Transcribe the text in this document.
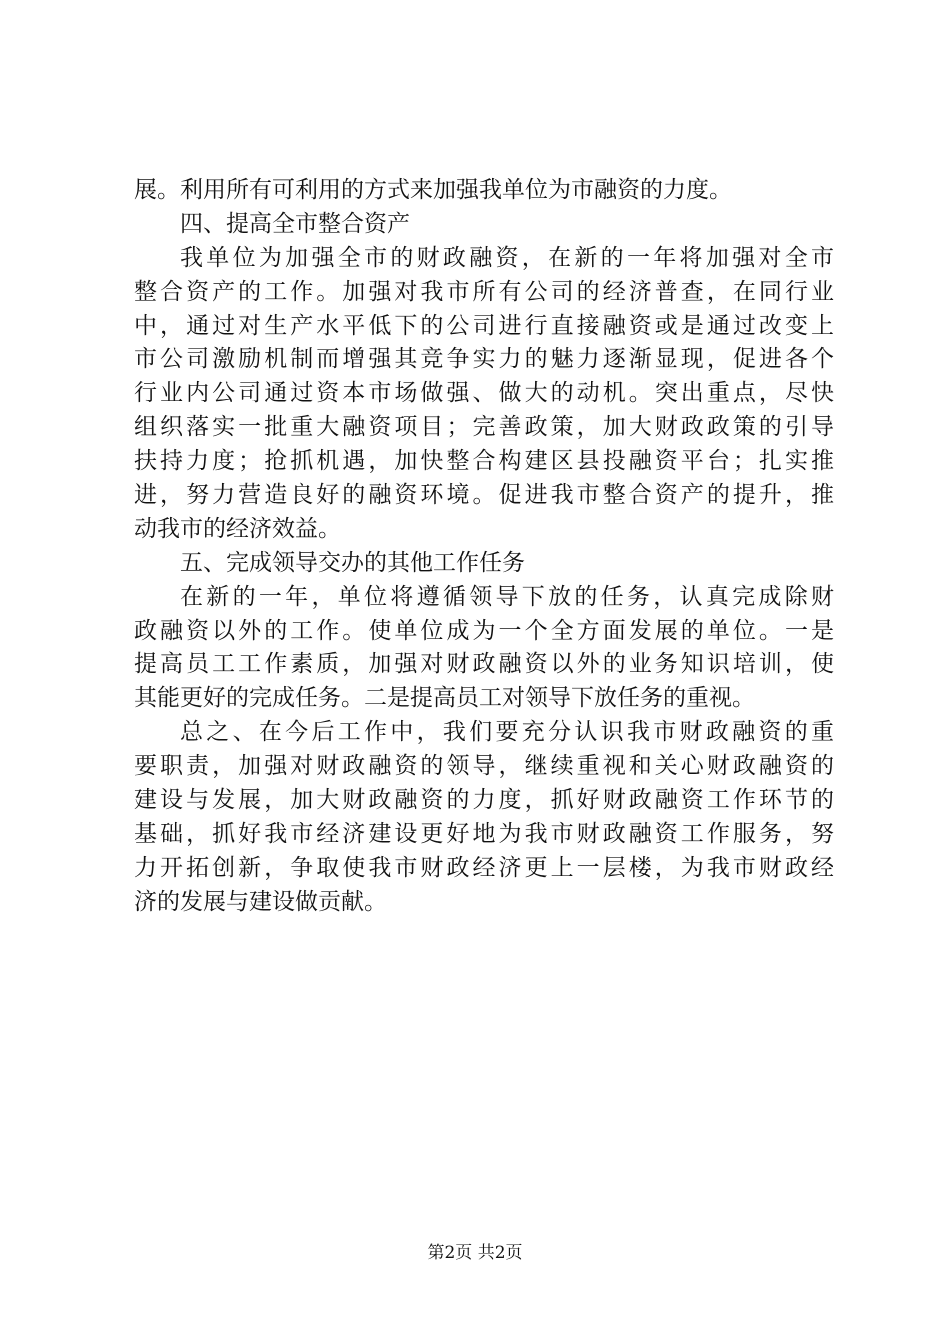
展。利用所有可利用的方式来加强我单位为市融资的力度。
四、提高全市整合资产
我单位为加强全市的财政融资，在新的一年将加强对全市
整合资产的工作。加强对我市所有公司的经济普查，在同行业
中，通过对生产水平低下的公司进行直接融资或是通过改变上
市公司激励机制而增强其竞争实力的魅力逐渐显现，促进各个
行业内公司通过资本市场做强、做大的动机。突出重点，尽快
组织落实一批重大融资项目；完善政策，加大财政政策的引导
扶持力度；抢抓机遇，加快整合构建区县投融资平台；扎实推
进，努力营造良好的融资环境。促进我市整合资产的提升，推
动我市的经济效益。
五、完成领导交办的其他工作任务
在新的一年，单位将遵循领导下放的任务，认真完成除财
政融资以外的工作。使单位成为一个全方面发展的单位。一是
提高员工工作素质，加强对财政融资以外的业务知识培训，使
其能更好的完成任务。二是提高员工对领导下放任务的重视。
总之、在今后工作中，我们要充分认识我市财政融资的重
要职责，加强对财政融资的领导，继续重视和关心财政融资的
建设与发展，加大财政融资的力度，抓好财政融资工作环节的
基础，抓好我市经济建设更好地为我市财政融资工作服务，努
力开拓创新，争取使我市财政经济更上一层楼，为我市财政经
济的发展与建设做贡献。
第2页 共2页
